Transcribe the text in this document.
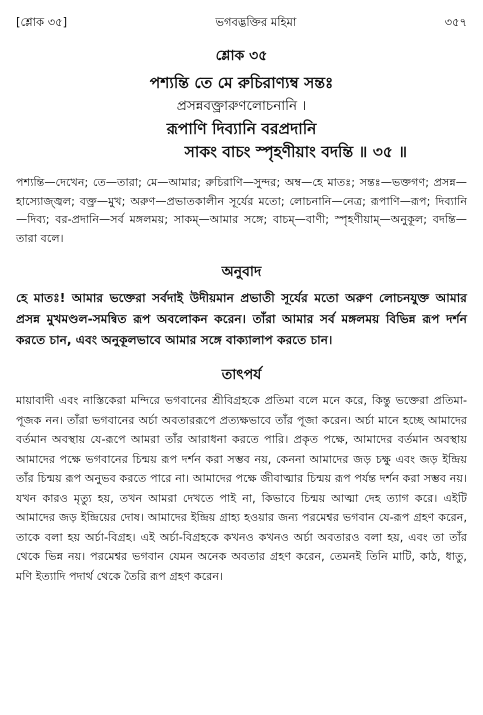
[শ্লোক ৩৫]	ভগবদ্ভক্তির মহিমা	৩৫৭
শ্লোক ৩৫
পশ্যন্তি তে মে রুচিরাণ্যম্ব সন্তঃ
প্রসন্নবক্ত্রারুণলোচনানি ।
রূপাণি দিব্যানি বরপ্রদানি
সাকং বাচং স্পৃহণীয়াং বদন্তি ॥ ৩৫ ॥
পশ্যন্তি—দেখেন; তে—তারা; মে—আমার; রুচিরাণি—সুন্দর; অম্ব—হে মাতঃ; সন্তঃ—ভক্তগণ; প্রসন্ন—হাস্যোজ্জ্বল; বক্ত্র—মুখ; অরুণ—প্রভাতকালীন সূর্যের মতো; লোচনানি—নেত্র; রূপাণি—রূপ; দিব্যানি—দিব্য; বর-প্রদানি—সর্ব মঙ্গলময়; সাকম্—আমার সঙ্গে; বাচম্—বাণী; স্পৃহণীয়াম্—অনুকূল; বদন্তি—তারা বলে।
অনুবাদ
হে মাতঃ! আমার ভক্তেরা সর্বদাই উদীয়মান প্রভাতী সূর্যের মতো অরুণ লোচনযুক্ত আমার প্রসন্ন মুখমণ্ডল-সমন্বিত রূপ অবলোকন করেন। তাঁরা আমার সর্ব মঙ্গলময় বিভিন্ন রূপ দর্শন করতে চান, এবং অনুকূলভাবে আমার সঙ্গে বাক্যালাপ করতে চান।
তাৎপর্য
মায়াবাদী এবং নাস্তিকেরা মন্দিরে ভগবানের শ্রীবিগ্রহকে প্রতিমা বলে মনে করে, কিন্তু ভক্তেরা প্রতিমা-পূজক নন। তাঁরা ভগবানের অর্চা অবতাররূপে প্রত্যক্ষভাবে তাঁর পূজা করেন। অর্চা মানে হচ্ছে আমাদের বর্তমান অবস্থায় যে-রূপে আমরা তাঁর আরাধনা করতে পারি। প্রকৃত পক্ষে, আমাদের বর্তমান অবস্থায় আমাদের পক্ষে ভগবানের চিন্ময় রূপ দর্শন করা সম্ভব নয়, কেননা আমাদের জড় চক্ষু এবং জড় ইন্দ্রিয় তাঁর চিন্ময় রূপ অনুভব করতে পারে না। আমাদের পক্ষে জীবাত্মার চিন্ময় রূপ পর্যন্ত দর্শন করা সম্ভব নয়। যখন কারও মৃত্যু হয়, তখন আমরা দেখতে পাই না, কিভাবে চিন্ময় আত্মা দেহ ত্যাগ করে। এইটি আমাদের জড় ইন্দ্রিয়ের দোষ। আমাদের ইন্দ্রিয় গ্রাহ্য হওয়ার জন্য পরমেশ্বর ভগবান যে-রূপ গ্রহণ করেন, তাকে বলা হয় অর্চা-বিগ্রহ। এই অর্চা-বিগ্রহকে কখনও কখনও অর্চা অবতারও বলা হয়, এবং তা তাঁর থেকে ভিন্ন নয়। পরমেশ্বর ভগবান যেমন অনেক অবতার গ্রহণ করেন, তেমনই তিনি মাটি, কাঠ, ধাতু, মণি ইত্যাদি পদার্থ থেকে তৈরি রূপ গ্রহণ করেন।
